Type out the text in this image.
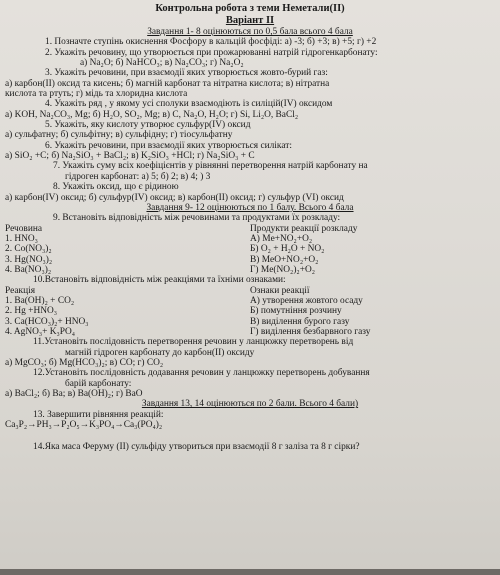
Контрольна робота з теми Неметали(II)
Варіант II
Завдання 1- 8 оцінюються по 0,5 бала всього 4 бала
1. Позначте ступінь окиснення Фосфору в кальцій фосфіді: а) -3; б) +3; в) +5; г) +2
2. Укажіть речовину, що утворюється при прожарюванні натрій гідрогенкарбонату:
а) Na₂O; б) NaHCO₃; в) Na₂CO₃; г) Na₂O₂
3. Укажіть речовини, при взаємодії яких утворюється жовто-бурий газ:
а) карбон(II) оксид та кисень; б) магній карбонат та нітратна кислота; в) нітратна
кислота та ртуть; г) мідь та хлоридна кислота
4. Укажіть ряд , у якому усі сполуки взаємодіють із силіцій(IV) оксидом
а) KOH, Na₂CO₃, Mg; б) H₂O, SO₂, Mg; в) C, Na₂O, H₂O; г) Si, Li₂O, BaCl₂
5. Укажіть, яку кислоту утворює сульфур(IV) оксид
а) сульфатну; б) сульфітну; в) сульфідну; г) тіосульфатну
6. Укажіть речовини, при взаємодії яких утворюється силікат:
а) SiO₂ +C; б) Na₂SiO₃ + BaCl₂; в) K₂SiO₃ +HCl; г) Na₂SiO₃ + C
7. Укажіть суму всіх коефіцієнтів у рівнянні перетворення натрій карбонату на
гідроген карбонат: а) 5; б) 2; в) 4; ) 3
8. Укажіть оксид, що є рідиною
а) карбон(IV) оксид; б) сульфур(IV) оксид; в) карбон(II) оксид; г) сульфур (VI) оксид
Завдання 9- 12 оцінюються по 1 балу. Всього 4 бала
9. Встановіть відповідність між речовинами та продуктами їх розкладу:
Речовина
1. HNO₃
2. Co(NO₃)₂
3. Hg(NO₃)₂
4. Ba(NO₃)₂
Продукти реакції розкладу
А) Me+NO₂+O₂
Б) O₂ + H₂O + NO₂
В) MeO+NO₂+O₂
Г) Me(NO₂)₂+O₂
10.Встановіть відповідність між реакціями та їхніми ознаками:
Реакція
1. Ba(OH)₂ + CO₂
2. Hg +HNO₃
3. Ca(HCO₃)₂+ HNO₃
4. AgNO₃+ K₃PO₄
Ознаки реакції
А) утворення жовтого осаду
Б) помутніння розчину
В) виділення бурого газу
Г) виділення безбарвного газу
11.Установіть послідовність перетворення речовин у ланцюжку перетворень від
магній гідроген карбонату до карбон(II) оксиду
а) MgCO₃; б) Mg(HCO₃)₂; в) CO; г) CO₂
12.Установіть послідовність додавання речовин у ланцюжку перетворень добування
барій карбонату:
а) BaCl₂; б) Ba; в) Ba(OH)₂; г) BaO
Завдання 13, 14 оцінюються по 2 бали. Всього 4 бали)
13. Завершити рівняння реакцій:
Ca₃P₂→PH₃→P₂O₅→K₃PO₄→Ca₃(PO₄)₂
14.Яка маса Феруму (II) сульфіду утвориться при взаємодії 8 г заліза та 8 г сірки?
